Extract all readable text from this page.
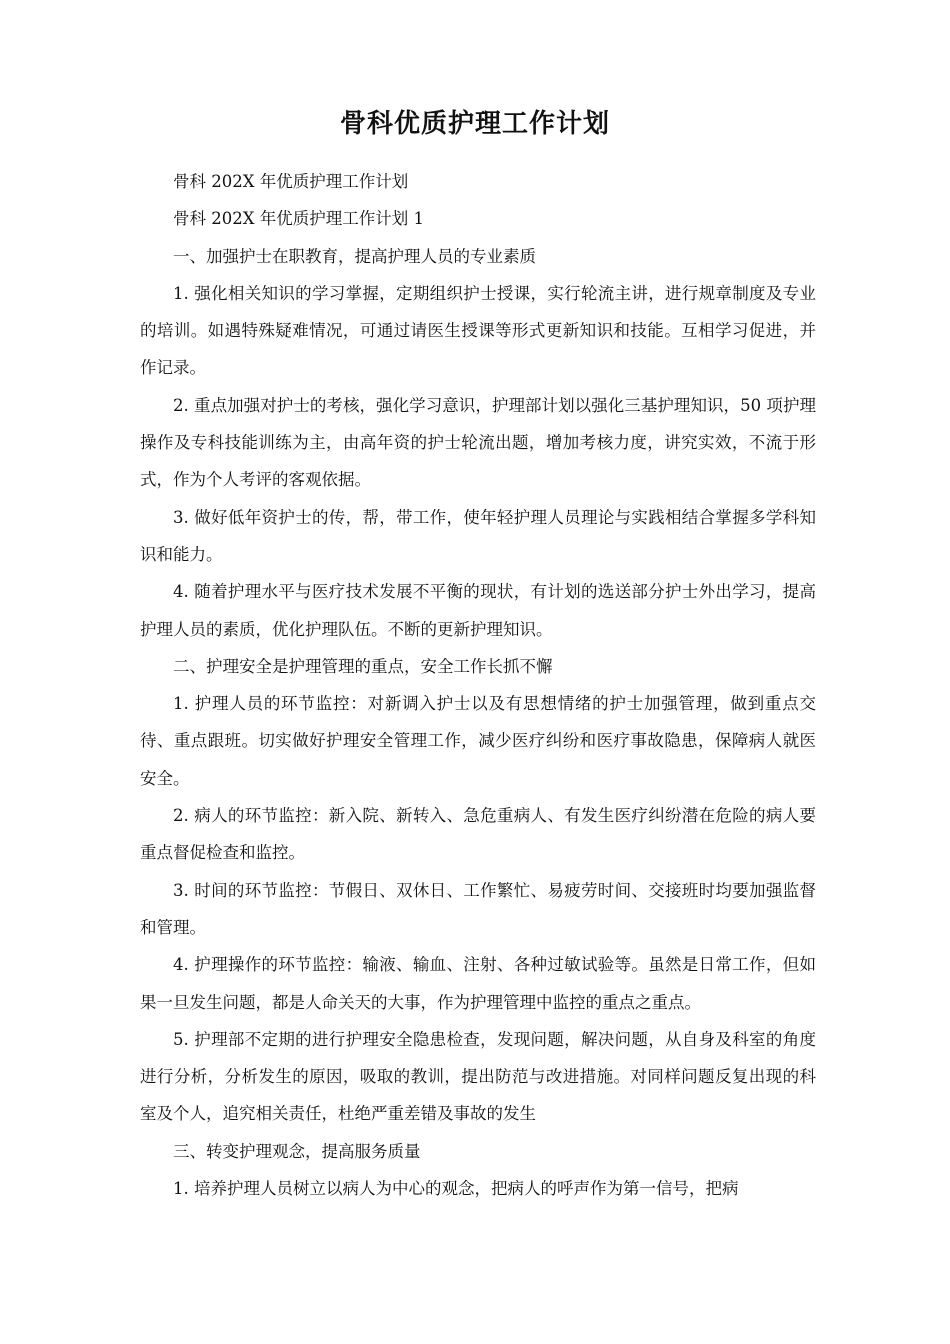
骨科优质护理工作计划

骨科 202X 年优质护理工作计划

骨科 202X 年优质护理工作计划 1

一、加强护士在职教育，提高护理人员的专业素质

1. 强化相关知识的学习掌握，定期组织护士授课，实行轮流主讲，进行规章制度及专业的培训。如遇特殊疑难情况，可通过请医生授课等形式更新知识和技能。互相学习促进，并作记录。

2. 重点加强对护士的考核，强化学习意识，护理部计划以强化三基护理知识，50 项护理操作及专科技能训练为主，由高年资的护士轮流出题，增加考核力度，讲究实效，不流于形式，作为个人考评的客观依据。

3. 做好低年资护士的传，帮，带工作，使年轻护理人员理论与实践相结合掌握多学科知识和能力。

4. 随着护理水平与医疗技术发展不平衡的现状，有计划的选送部分护士外出学习，提高护理人员的素质，优化护理队伍。不断的更新护理知识。

二、护理安全是护理管理的重点，安全工作长抓不懈

1. 护理人员的环节监控：对新调入护士以及有思想情绪的护士加强管理，做到重点交待、重点跟班。切实做好护理安全管理工作，减少医疗纠纷和医疗事故隐患，保障病人就医安全。

2. 病人的环节监控：新入院、新转入、急危重病人、有发生医疗纠纷潜在危险的病人要重点督促检查和监控。

3. 时间的环节监控：节假日、双休日、工作繁忙、易疲劳时间、交接班时均要加强监督和管理。

4. 护理操作的环节监控：输液、输血、注射、各种过敏试验等。虽然是日常工作，但如果一旦发生问题，都是人命关天的大事，作为护理管理中监控的重点之重点。

5. 护理部不定期的进行护理安全隐患检查，发现问题，解决问题，从自身及科室的角度进行分析，分析发生的原因，吸取的教训，提出防范与改进措施。对同样问题反复出现的科室及个人，追究相关责任，杜绝严重差错及事故的发生

三、转变护理观念，提高服务质量

1. 培养护理人员树立以病人为中心的观念，把病人的呼声作为第一信号，把病
